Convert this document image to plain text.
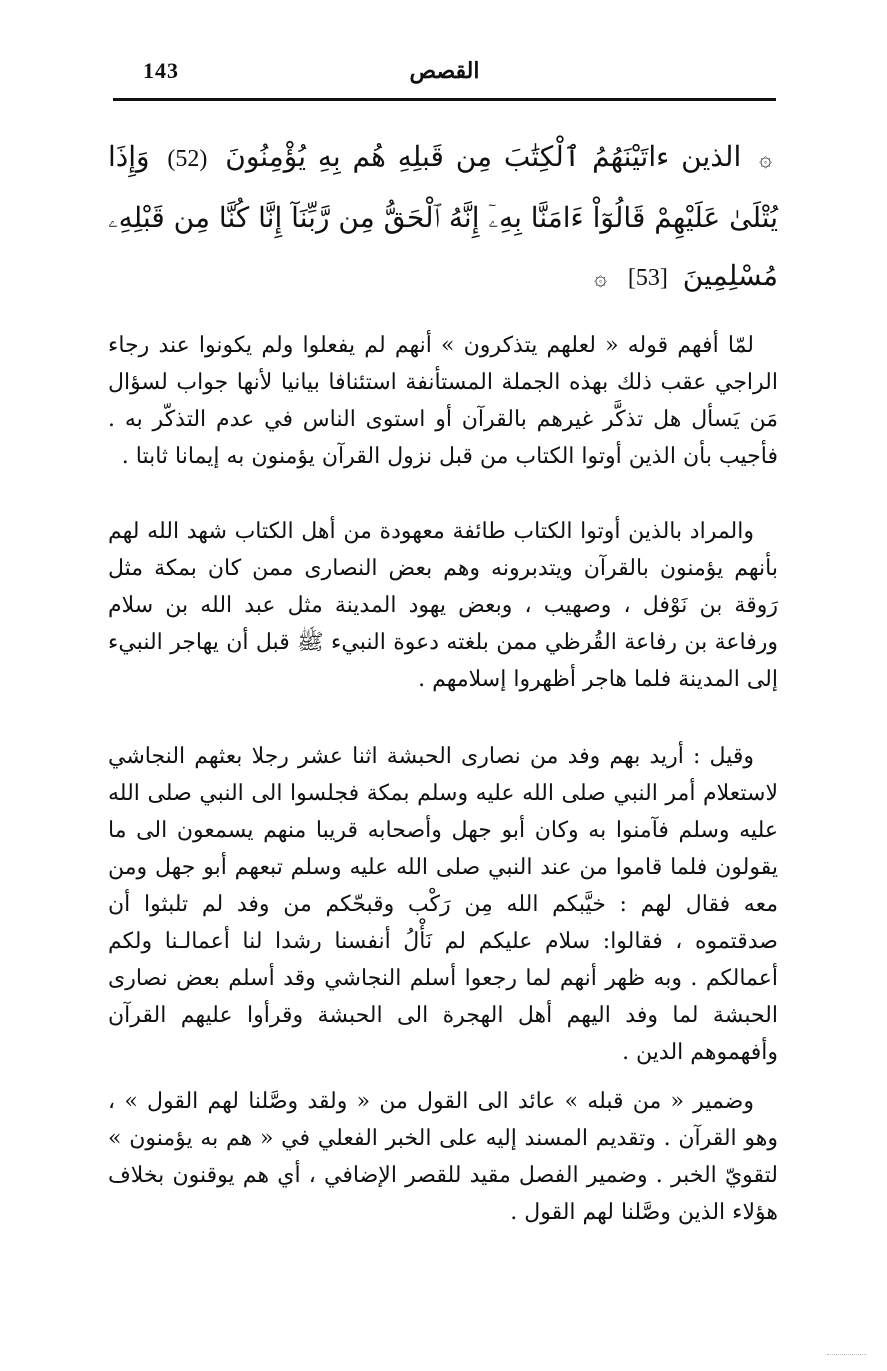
143	القصص
۞ الذين ءاتَيْنَهُمُ ٱلْكِتَٰبَ مِن قَبلِهِ هُم بِهِ يُؤْمِنُونَ (52) وَإِذَا يُتْلَىٰ عَلَيْهِمْ قَالُوٓاْ ءَامَنَّا بِهِۦٓ إِنَّهُ ٱلْحَقُّ مِن رَّبِّنَآ إِنَّا كُنَّا مِن قَبْلِهِۦ مُسْلِمِينَ [53] ۞

لمّا أفهم قوله « لعلهم يتذكرون » أنهم لم يفعلوا ولم يكونوا عند رجاء الراجي عقب ذلك بهذه الجملة المستأنفة استئنافا بيانيا لأنها جواب لسؤال مَن يَسأل هل تذكَّر غيرهم بالقرآن أو استوى الناس في عدم التذكّر به . فأجيب بأن الذين أوتوا الكتاب من قبل نزول القرآن يؤمنون به إيمانا ثابتا .

والمراد بالذين أوتوا الكتاب طائفة معهودة من أهل الكتاب شهد الله لهم بأنهم يؤمنون بالقرآن ويتدبرونه وهم بعض النصارى ممن كان بمكة مثل رَوقة بن نَوْفل ، وصهيب ، وبعض يهود المدينة مثل عبد الله بن سلام ورفاعة بن رفاعة القُرظي ممن بلغته دعوة النبيء ﷺ قبل أن يهاجر النبيء إلى المدينة فلما هاجر أظهروا إسلامهم .

وقيل : أريد بهم وفد من نصارى الحبشة اثنا عشر رجلا بعثهم النجاشي لاستعلام أمر النبي صلى الله عليه وسلم بمكة فجلسوا الى النبي صلى الله عليه وسلم فآمنوا به وكان أبو جهل وأصحابه قريبا منهم يسمعون الى ما يقولون فلما قاموا من عند النبي صلى الله عليه وسلم تبعهم أبو جهل ومن معه فقال لهم : خيَّبكم الله مِن رَكْب وقبحّكم من وفد لم تلبثوا أن صدقتموه ، فقالوا: سلام عليكم لم نَأْلُ أنفسنا رشدا لنا أعمالـنا ولكم أعمالكم . وبه ظهر أنهم لما رجعوا أسلم النجاشي وقد أسلم بعض نصارى الحبشة لما وفد اليهم أهل الهجرة الى الحبشة وقرأوا عليهم القرآن وأفهموهم الدين .

وضمير « من قبله » عائد الى القول من « ولقد وصَّلنا لهم القول » ، وهو القرآن . وتقديم المسند إليه على الخبر الفعلي في « هم به يؤمنون » لتقويّ الخبر . وضمير الفصل مقيد للقصر الإضافي ، أي هم يوقنون بخلاف هؤلاء الذين وصَّلنا لهم القول .
